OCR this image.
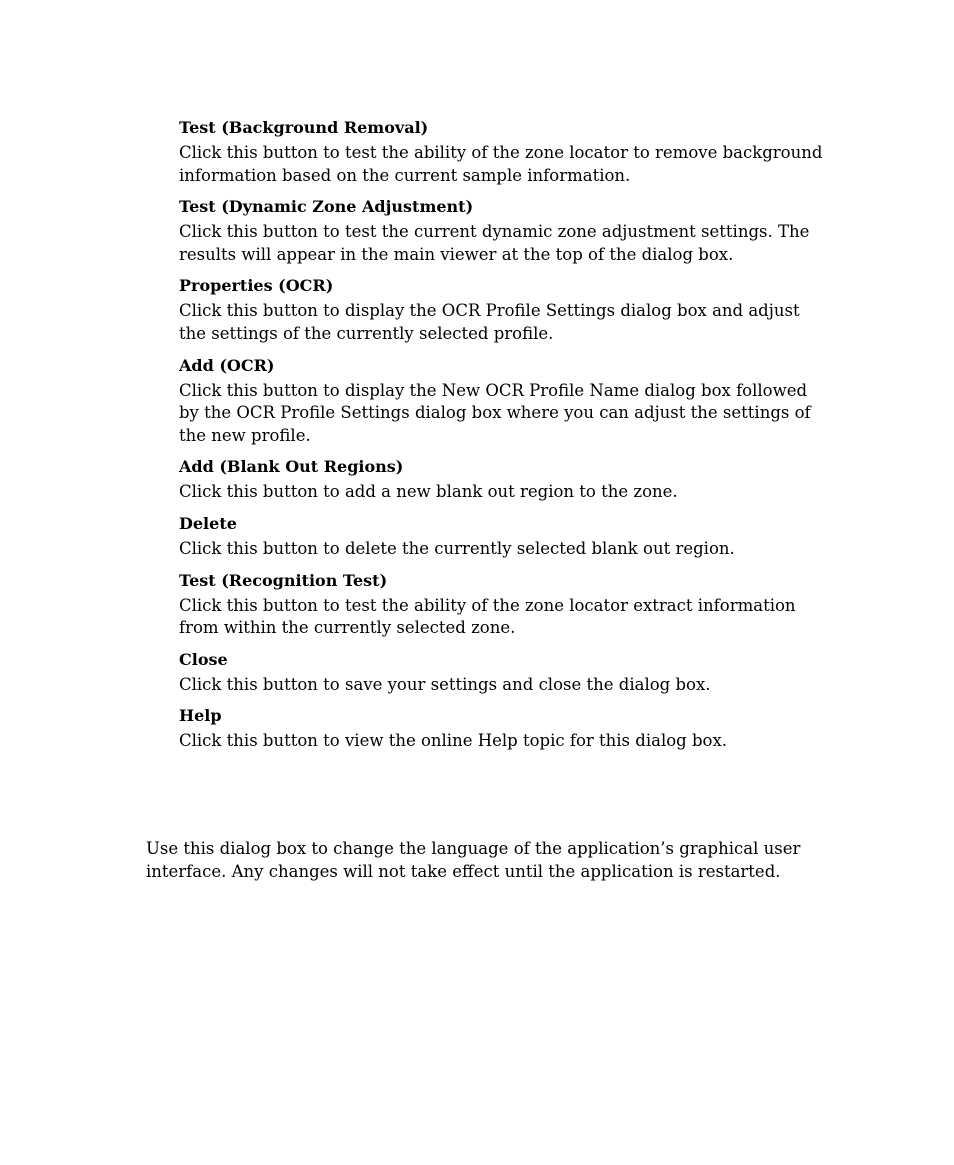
Test (Background Removal)

Click this button to test the ability of the zone locator to remove background information based on the current sample information.

Test (Dynamic Zone Adjustment)

Click this button to test the current dynamic zone adjustment settings. The results will appear in the main viewer at the top of the dialog box.

Properties (OCR)

Click this button to display the OCR Profile Settings dialog box and adjust the settings of the currently selected profile.

Add (OCR)

Click this button to display the New OCR Profile Name dialog box followed by the OCR Profile Settings dialog box where you can adjust the settings of the new profile.

Add (Blank Out Regions)

Click this button to add a new blank out region to the zone.

Delete

Click this button to delete the currently selected blank out region.

Test (Recognition Test)

Click this button to test the ability of the zone locator extract information from within the currently selected zone.

Close

Click this button to save your settings and close the dialog box.

Help

Click this button to view the online Help topic for this dialog box.

Use this dialog box to change the language of the application’s graphical user interface. Any changes will not take effect until the application is restarted.
